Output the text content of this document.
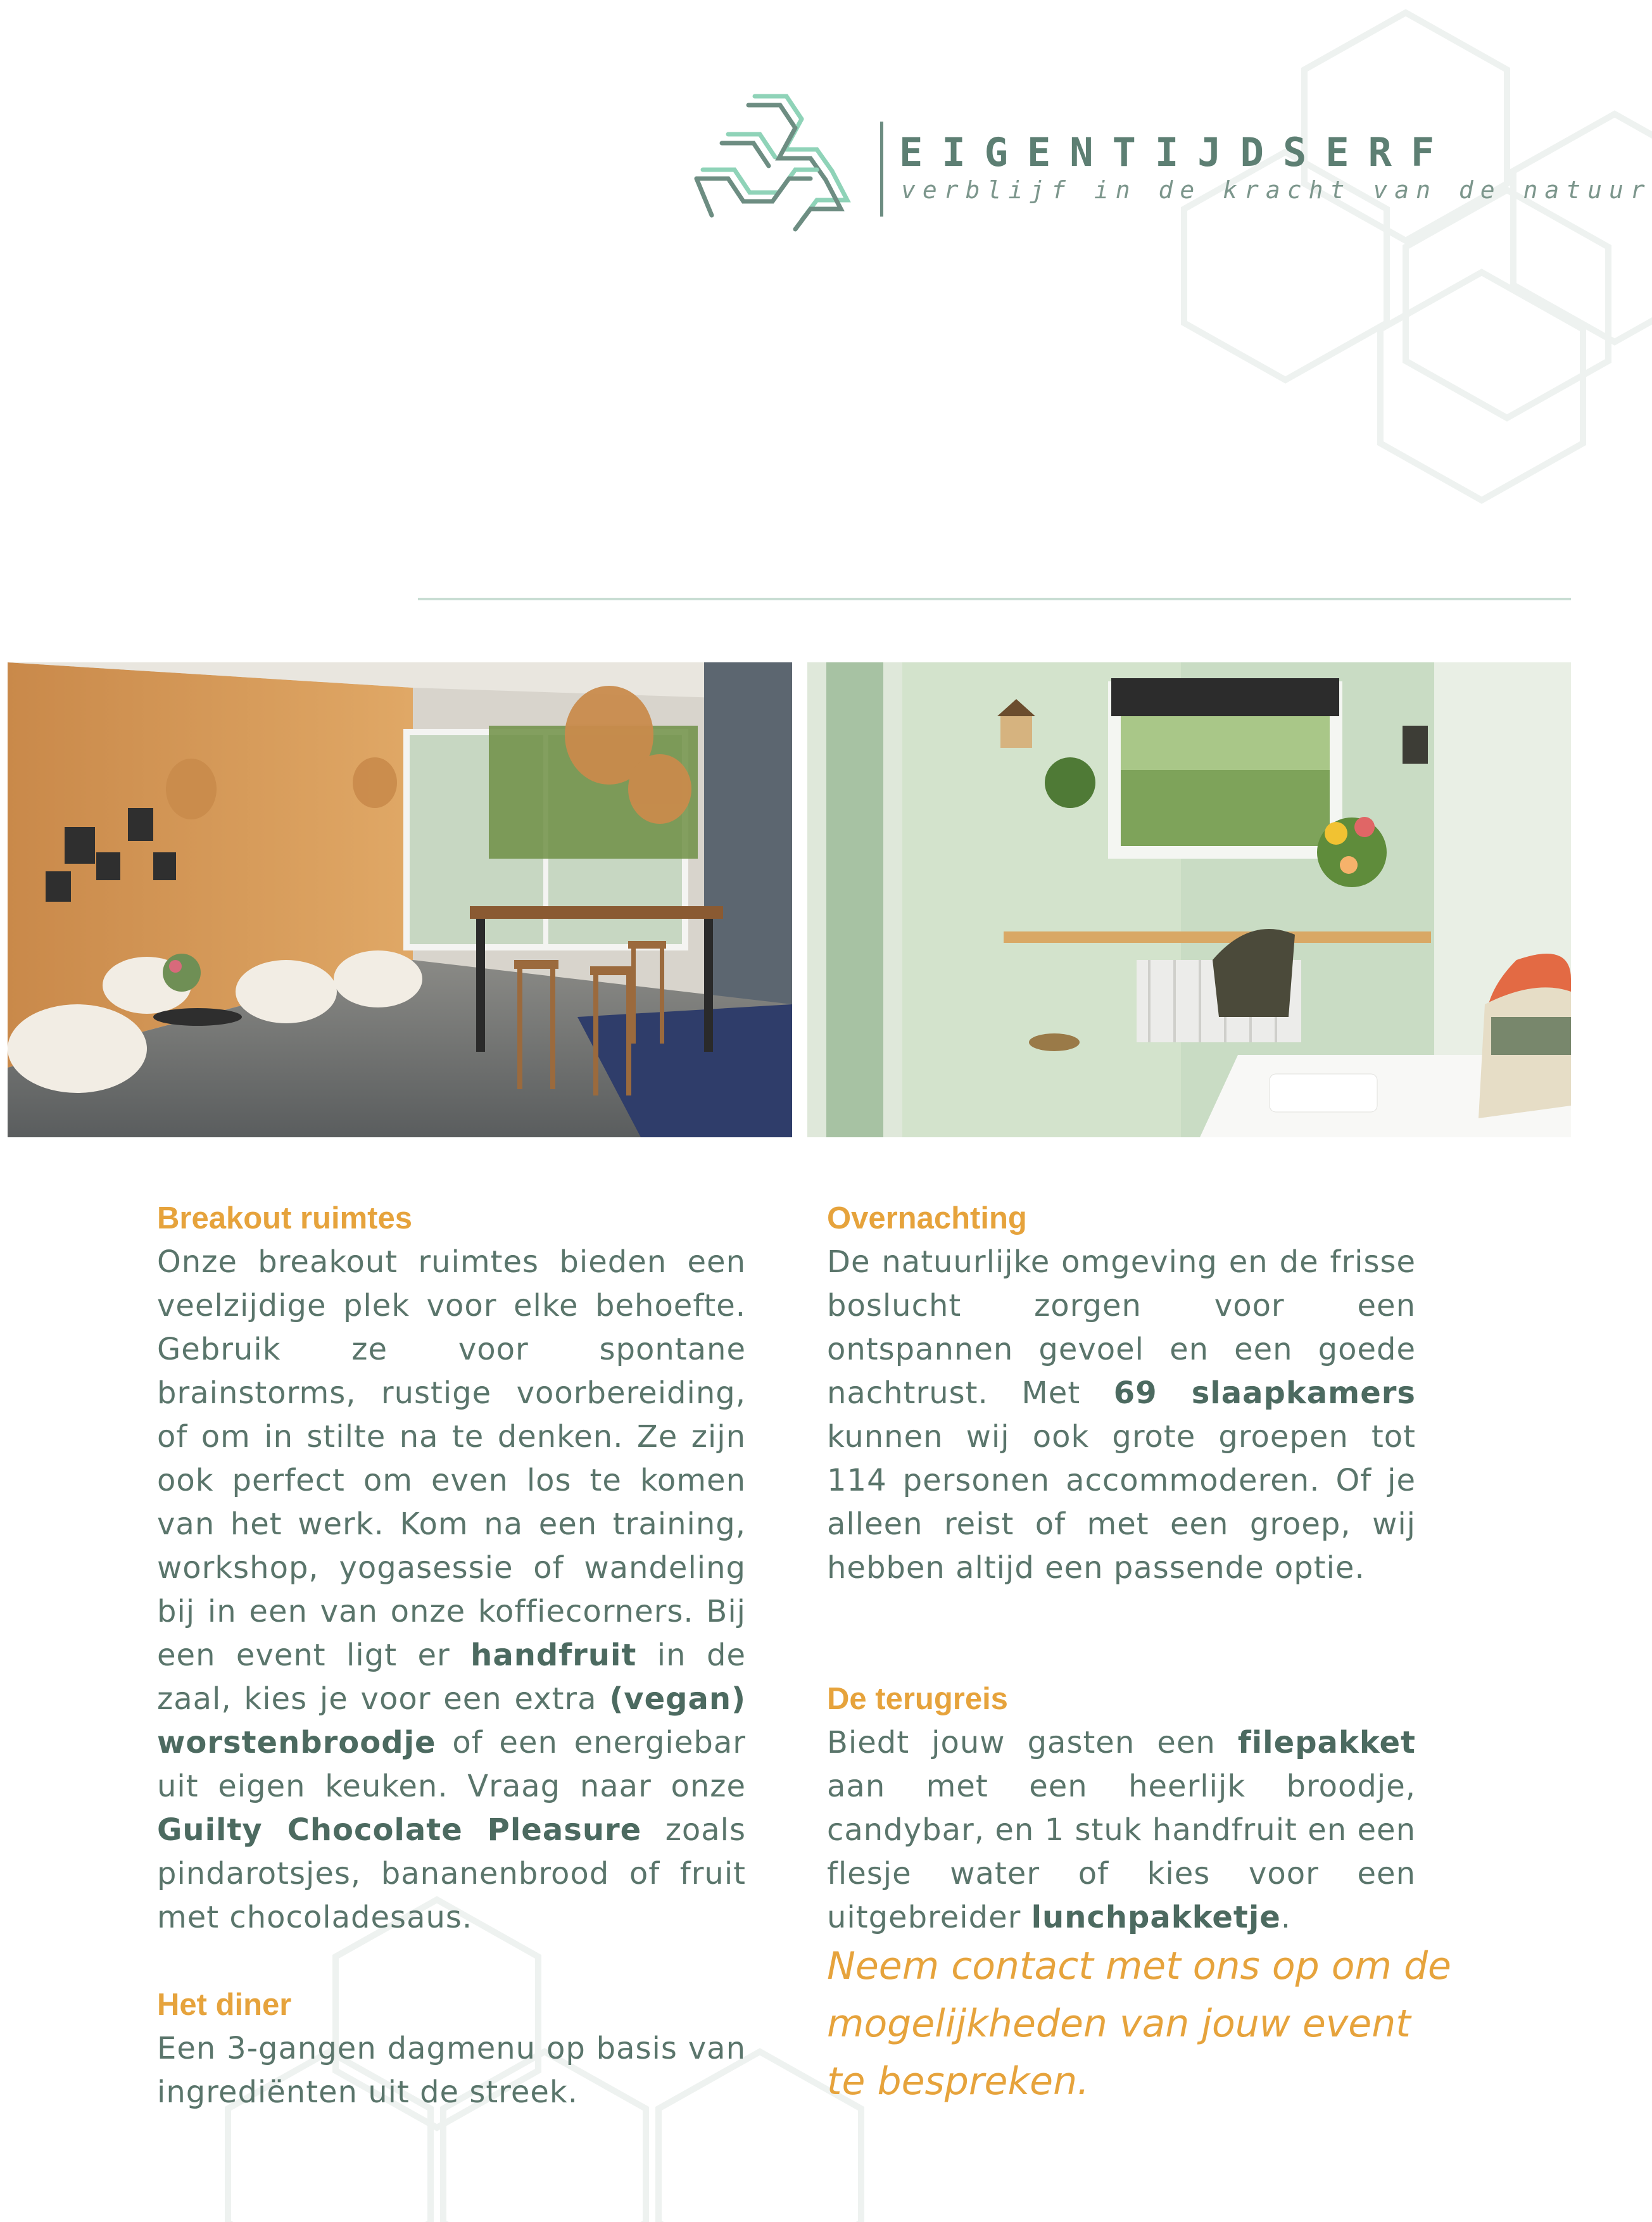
EIGENTIJDSERF
verblijf in de kracht van de natuur
Breakout ruimtes

Onze breakout ruimtes bieden een veelzijdige plek voor elke behoefte. Gebruik ze voor spontane brainstorms, rustige voorbereiding, of om in stilte na te denken. Ze zijn ook perfect om even los te komen van het werk. Kom na een training, workshop, yogasessie of wandeling bij in een van onze koffiecorners. Bij een event ligt er handfruit in de zaal, kies je voor een extra (vegan) worstenbroodje of een energiebar uit eigen keuken. Vraag naar onze Guilty Chocolate Pleasure zoals pindarotsjes, bananenbrood of fruit met chocoladesaus.

Het diner

Een 3-gangen dagmenu op basis van ingrediënten uit de streek.

Overnachting

De natuurlijke omgeving en de frisse boslucht zorgen voor een ontspannen gevoel en een goede nachtrust. Met 69 slaapkamers kunnen wij ook grote groepen tot 114 personen accommoderen. Of je alleen reist of met een groep, wij hebben altijd een passende optie.

De terugreis

Biedt jouw gasten een filepakket aan met een heerlijk broodje, candybar, en 1 stuk handfruit en een flesje water of kies voor een uitgebreider lunchpakketje.

Neem contact met ons op om de mogelijkheden van jouw event te bespreken.
